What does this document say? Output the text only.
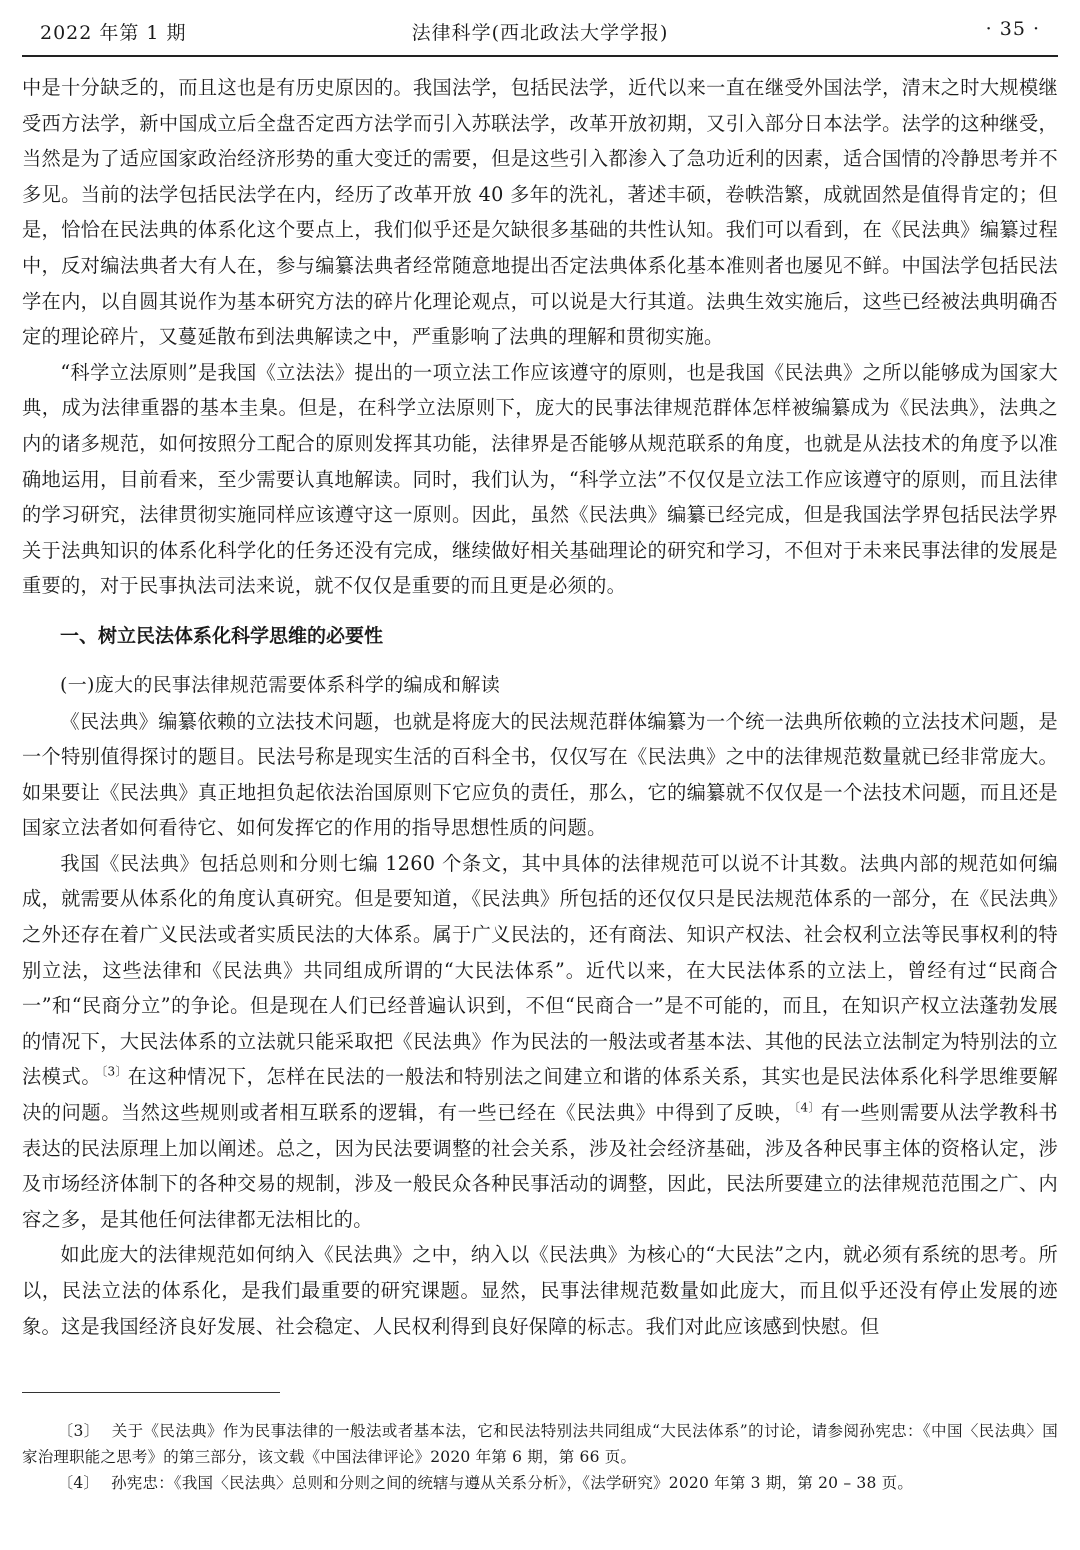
2022 年第 1 期	法律科学(西北政法大学学报)	· 35 ·

中是十分缺乏的，而且这也是有历史原因的。我国法学，包括民法学，近代以来一直在继受外国法学，清末之时大规模继受西方法学，新中国成立后全盘否定西方法学而引入苏联法学，改革开放初期，又引入部分日本法学。法学的这种继受，当然是为了适应国家政治经济形势的重大变迁的需要，但是这些引入都渗入了急功近利的因素，适合国情的冷静思考并不多见。当前的法学包括民法学在内，经历了改革开放 40 多年的洗礼，著述丰硕，卷帙浩繁，成就固然是值得肯定的；但是，恰恰在民法典的体系化这个要点上，我们似乎还是欠缺很多基础的共性认知。我们可以看到，在《民法典》编纂过程中，反对编法典者大有人在，参与编纂法典者经常随意地提出否定法典体系化基本准则者也屡见不鲜。中国法学包括民法学在内，以自圆其说作为基本研究方法的碎片化理论观点，可以说是大行其道。法典生效实施后，这些已经被法典明确否定的理论碎片，又蔓延散布到法典解读之中，严重影响了法典的理解和贯彻实施。

“科学立法原则”是我国《立法法》提出的一项立法工作应该遵守的原则，也是我国《民法典》之所以能够成为国家大典，成为法律重器的基本圭臬。但是，在科学立法原则下，庞大的民事法律规范群体怎样被编纂成为《民法典》，法典之内的诸多规范，如何按照分工配合的原则发挥其功能，法律界是否能够从规范联系的角度，也就是从法技术的角度予以准确地运用，目前看来，至少需要认真地解读。同时，我们认为，“科学立法”不仅仅是立法工作应该遵守的原则，而且法律的学习研究，法律贯彻实施同样应该遵守这一原则。因此，虽然《民法典》编纂已经完成，但是我国法学界包括民法学界关于法典知识的体系化科学化的任务还没有完成，继续做好相关基础理论的研究和学习，不但对于未来民事法律的发展是重要的，对于民事执法司法来说，就不仅仅是重要的而且更是必须的。

一、树立民法体系化科学思维的必要性

(一)庞大的民事法律规范需要体系科学的编成和解读

《民法典》编纂依赖的立法技术问题，也就是将庞大的民法规范群体编纂为一个统一法典所依赖的立法技术问题，是一个特别值得探讨的题目。民法号称是现实生活的百科全书，仅仅写在《民法典》之中的法律规范数量就已经非常庞大。如果要让《民法典》真正地担负起依法治国原则下它应负的责任，那么，它的编纂就不仅仅是一个法技术问题，而且还是国家立法者如何看待它、如何发挥它的作用的指导思想性质的问题。

我国《民法典》包括总则和分则七编 1260 个条文，其中具体的法律规范可以说不计其数。法典内部的规范如何编成，就需要从体系化的角度认真研究。但是要知道，《民法典》所包括的还仅仅只是民法规范体系的一部分，在《民法典》之外还存在着广义民法或者实质民法的大体系。属于广义民法的，还有商法、知识产权法、社会权利立法等民事权利的特别立法，这些法律和《民法典》共同组成所谓的“大民法体系”。近代以来，在大民法体系的立法上，曾经有过“民商合一”和“民商分立”的争论。但是现在人们已经普遍认识到，不但“民商合一”是不可能的，而且，在知识产权立法蓬勃发展的情况下，大民法体系的立法就只能采取把《民法典》作为民法的一般法或者基本法、其他的民法立法制定为特别法的立法模式。$^{〔3〕}$在这种情况下，怎样在民法的一般法和特别法之间建立和谐的体系关系，其实也是民法体系化科学思维要解决的问题。当然这些规则或者相互联系的逻辑，有一些已经在《民法典》中得到了反映，$^{〔4〕}$有一些则需要从法学教科书表达的民法原理上加以阐述。总之，因为民法要调整的社会关系，涉及社会经济基础，涉及各种民事主体的资格认定，涉及市场经济体制下的各种交易的规制，涉及一般民众各种民事活动的调整，因此，民法所要建立的法律规范范围之广、内容之多，是其他任何法律都无法相比的。

如此庞大的法律规范如何纳入《民法典》之中，纳入以《民法典》为核心的“大民法”之内，就必须有系统的思考。所以，民法立法的体系化，是我们最重要的研究课题。显然，民事法律规范数量如此庞大，而且似乎还没有停止发展的迹象。这是我国经济良好发展、社会稳定、人民权利得到良好保障的标志。我们对此应该感到快慰。但

〔3〕 关于《民法典》作为民事法律的一般法或者基本法，它和民法特别法共同组成“大民法体系”的讨论，请参阅孙宪忠：《中国〈民法典〉国家治理职能之思考》的第三部分，该文载《中国法律评论》2020 年第 6 期，第 66 页。

〔4〕 孙宪忠：《我国〈民法典〉总则和分则之间的统辖与遵从关系分析》，《法学研究》2020 年第 3 期，第 20 – 38 页。
